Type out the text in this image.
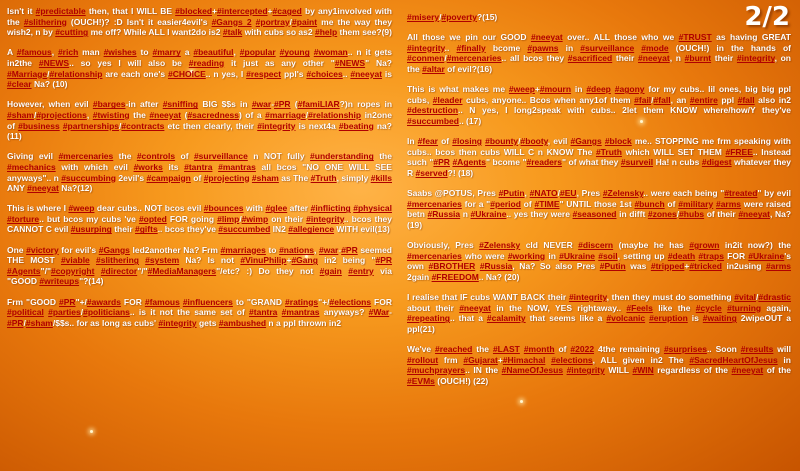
2/2

Isn't it #predictable then, that I WILL BE #blocked+#intercepted+#caged by any1involved with the #slithering (OUCH!)? :D Isn't it easier4evil's #Gangs 2 #portray/#paint me the way they wish2, n by #cutting me off? While ALL I want2do is2 #talk with cubs so as2 #help them see?(9)

A #famous, #rich man #wishes to #marry a #beautiful, #popular #young #woman.. n it gets in2the #NEWS.. so yes I will also be #reading it just as any other "#NEWS" Na? #Marriage/#relationship are each one's #CHOICE.. n yes, I #respect ppl's #choices.. #neeyat is #clear Na? (10)

However, when evil #barges-in after #sniffing BIG $$s in #war-#PR (#famiLIAR?)n ropes in #sham/#projections, #twisting the #neeyat (#sacredness) of a #marriage/#relationship in2one of #business #partnerships/#contracts etc then clearly, their #integrity is next4a #beating na?(11)

Giving evil #mercenaries the #controls of #surveillance n NOT fully #understanding the #mechanics with which evil #works its #tantra #mantras all bcos "NO ONE WILL SEE anyways".. n #succumbing 2evil's #campaign of #projecting #sham as The #Truth, simply #kills ANY #neeyat Na?(12)

This is where I #weep dear cubs.. NOT bcos evil #bounces with #glee after #inflicting #physical #torture.. but bcos my cubs 've #opted FOR going #limp/#wimp on their #integrity.. bcos they CANNOT C evil #usurping their #gifts.. bcos they've #succumbed IN2 #allegience WITH evil(13)

One #victory for evil's #Gangs led2another Na? Frm #marriages to #nations, #war-#PR seemed THE MOST #viable #slithering #system Na? Is not #VinuPhilip+#Gang in2 being "#PR #Agents"/"#copyright #director"/"#MediaManagers"/etc? :) Do they not #gain #entry via "GOOD #writeups"?(14)

Frm "GOOD #PR"+/#awards FOR #famous #influencers to "GRAND #ratings"+/#elections FOR #political #parties/#politicians.. is it not the same set of #tantra #mantras anyways? #War-#PR/#sham/$$s.. for as long as cubs' #integrity gets #ambushed n a ppl thrown in2

#misery/#poverty?(15)

All those we pin our GOOD #neeyat over.. ALL those who we #TRUST as having GREAT #integrity.. #finally bcome #pawns in #surveillance #mode (OUCH!) in the hands of #conmen/#mercenaries.. all bcos they #sacrificed their #neeyat, n #burnt their #integrity, on the #altar of evil?(16)

This is what makes me #weep+#mourn in #deep #agony for my cubs.. lil ones, big big ppl cubs, #leader cubs, anyone.. Bcos when any1of them #fail/#fall, an #entire ppl #fall also in2 #destruction.. N yes, I long2speak with cubs.. 2let them KNOW where/how/Y they've #succumbed.. (17)

In #fear of #losing #bounty/#booty, evil #Gangs #block me.. STOPPING me frm speaking with cubs.. bcos then cubs WILL C n KNOW The #Truth which WILL SET THEM #FREE.. Instead such "#PR #Agents" bcome "#readers" of what they #surveil Ha! n cubs #digest whatever they R #served?! (18)

Saabs @POTUS, Pres #Putin, #NATO/#EU, Pres #Zelensky.. were each being "#treated" by evil #mercenaries for a "#period of #TIME" UNTIL those 1st #bunch of #military #arms were raised betn #Russia n #Ukraine.. yes they were #seasoned in difft #zones/#hubs of their #neeyat, Na? (19)

Obviously, Pres #Zelensky cld NEVER #discern (maybe he has #grown in2it now?) the #mercenaries who were #working in #Ukraine #soil, setting up #death #traps FOR #Ukraine's own #BROTHER #Russia, Na? So also Pres #Putin was #tripped+#tricked in2using #arms 2gain #FREEDOM.. Na? (20)

I realise that IF cubs WANT BACK their #integrity, then they must do something #vital/#drastic about their #neeyat in the NOW, YES rightaway.. #Feels like the #cycle #turning again, #repeating.. that a #calamity that seems like a #volcanic #eruption is #waiting 2wipeOUT a ppl(21)

We've #reached the #LAST #month of #2022 4the remaining #surprises.. Soon #results will #rollout frm #Gujarat+#Himachal #elections, ALL given in2 The #SacredHeartOfJesus in #muchprayers.. IN the #NameOfJesus #integrity WILL #WIN regardless of the #neeyat of the #EVMs (OUCH!) (22)
